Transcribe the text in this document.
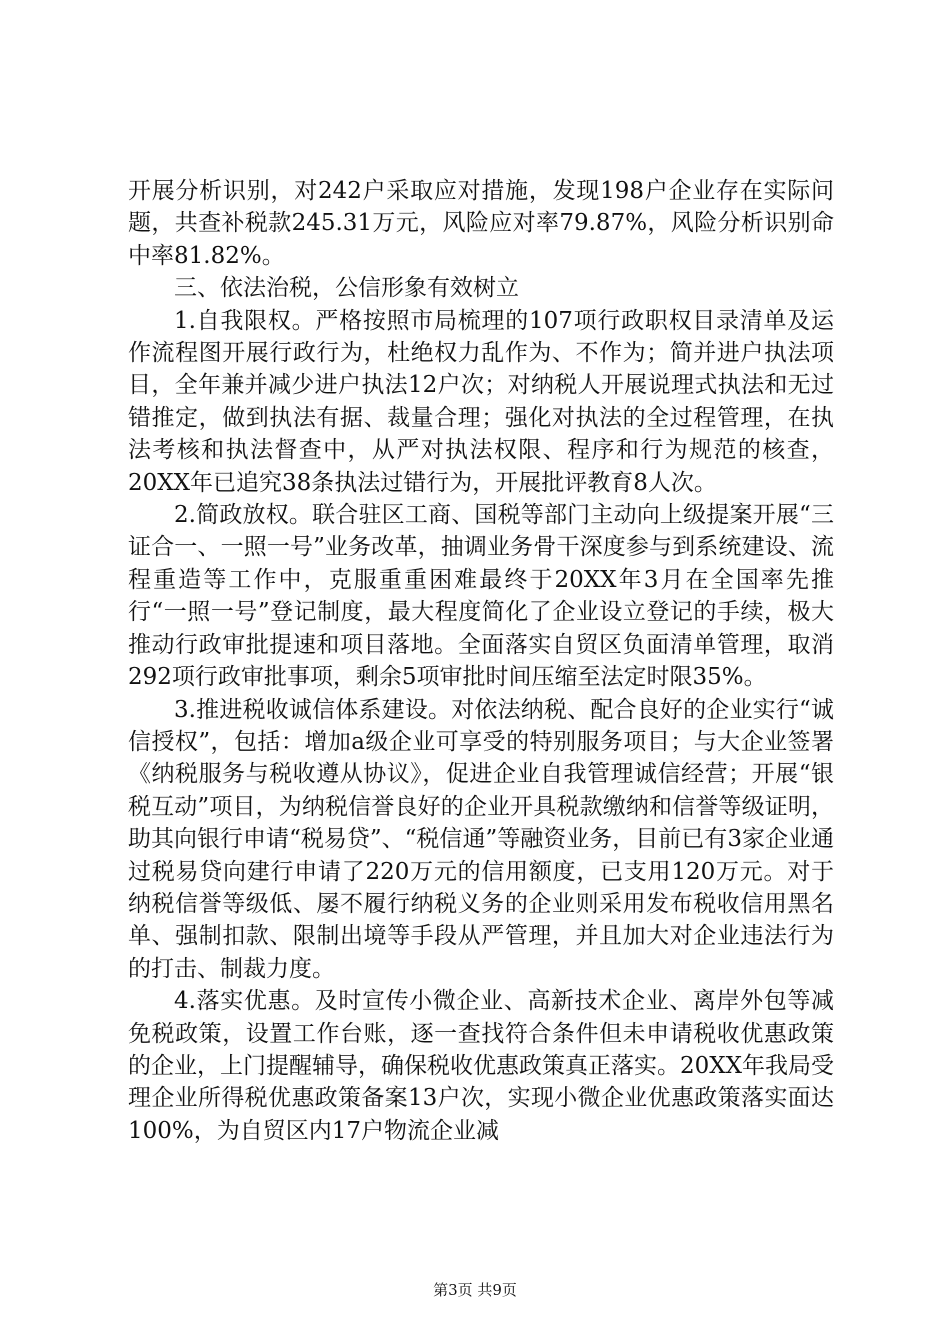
开展分析识别，对242户采取应对措施，发现198户企业存在实际问题，共查补税款245.31万元，风险应对率79.87%，风险分析识别命中率81.82%。

三、依法治税，公信形象有效树立

1.自我限权。严格按照市局梳理的107项行政职权目录清单及运作流程图开展行政行为，杜绝权力乱作为、不作为；简并进户执法项目，全年兼并减少进户执法12户次；对纳税人开展说理式执法和无过错推定，做到执法有据、裁量合理；强化对执法的全过程管理，在执法考核和执法督查中，从严对执法权限、程序和行为规范的核查，20XX年已追究38条执法过错行为，开展批评教育8人次。

2.简政放权。联合驻区工商、国税等部门主动向上级提案开展“三证合一、一照一号”业务改革，抽调业务骨干深度参与到系统建设、流程重造等工作中，克服重重困难最终于20XX年3月在全国率先推行“一照一号”登记制度，最大程度简化了企业设立登记的手续，极大推动行政审批提速和项目落地。全面落实自贸区负面清单管理，取消292项行政审批事项，剩余5项审批时间压缩至法定时限35%。

3.推进税收诚信体系建设。对依法纳税、配合良好的企业实行“诚信授权”，包括：增加a级企业可享受的特别服务项目；与大企业签署《纳税服务与税收遵从协议》，促进企业自我管理诚信经营；开展“银税互动”项目，为纳税信誉良好的企业开具税款缴纳和信誉等级证明，助其向银行申请“税易贷”、“税信通”等融资业务，目前已有3家企业通过税易贷向建行申请了220万元的信用额度，已支用120万元。对于纳税信誉等级低、屡不履行纳税义务的企业则采用发布税收信用黑名单、强制扣款、限制出境等手段从严管理，并且加大对企业违法行为的打击、制裁力度。

4.落实优惠。及时宣传小微企业、高新技术企业、离岸外包等减免税政策，设置工作台账，逐一查找符合条件但未申请税收优惠政策的企业，上门提醒辅导，确保税收优惠政策真正落实。20XX年我局受理企业所得税优惠政策备案13户次，实现小微企业优惠政策落实面达100%，为自贸区内17户物流企业减

第3页 共9页
